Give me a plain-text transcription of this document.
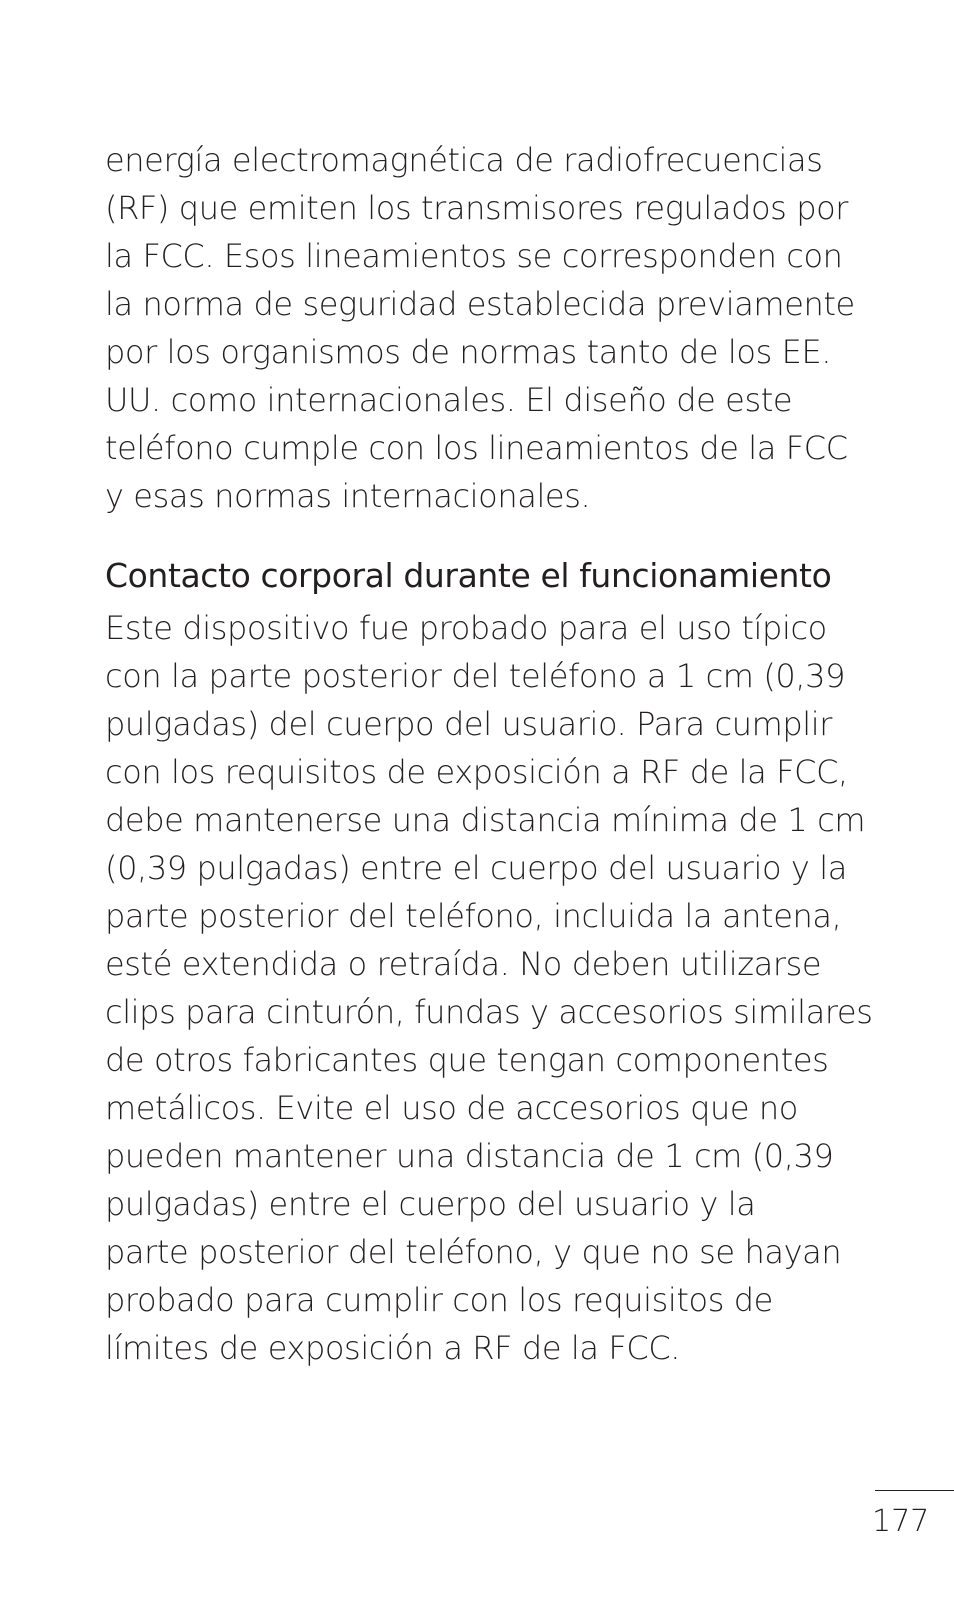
energía electromagnética de radiofrecuencias
(RF) que emiten los transmisores regulados por
la FCC. Esos lineamientos se corresponden con
la norma de seguridad establecida previamente
por los organismos de normas tanto de los EE.
UU. como internacionales. El diseño de este
teléfono cumple con los lineamientos de la FCC
y esas normas internacionales.
Contacto corporal durante el funcionamiento
Este dispositivo fue probado para el uso típico
con la parte posterior del teléfono a 1 cm (0,39
pulgadas) del cuerpo del usuario. Para cumplir
con los requisitos de exposición a RF de la FCC,
debe mantenerse una distancia mínima de 1 cm
(0,39 pulgadas) entre el cuerpo del usuario y la
parte posterior del teléfono, incluida la antena,
esté extendida o retraída. No deben utilizarse
clips para cinturón, fundas y accesorios similares
de otros fabricantes que tengan componentes
metálicos. Evite el uso de accesorios que no
pueden mantener una distancia de 1 cm (0,39
pulgadas) entre el cuerpo del usuario y la
parte posterior del teléfono, y que no se hayan
probado para cumplir con los requisitos de
límites de exposición a RF de la FCC.
177
